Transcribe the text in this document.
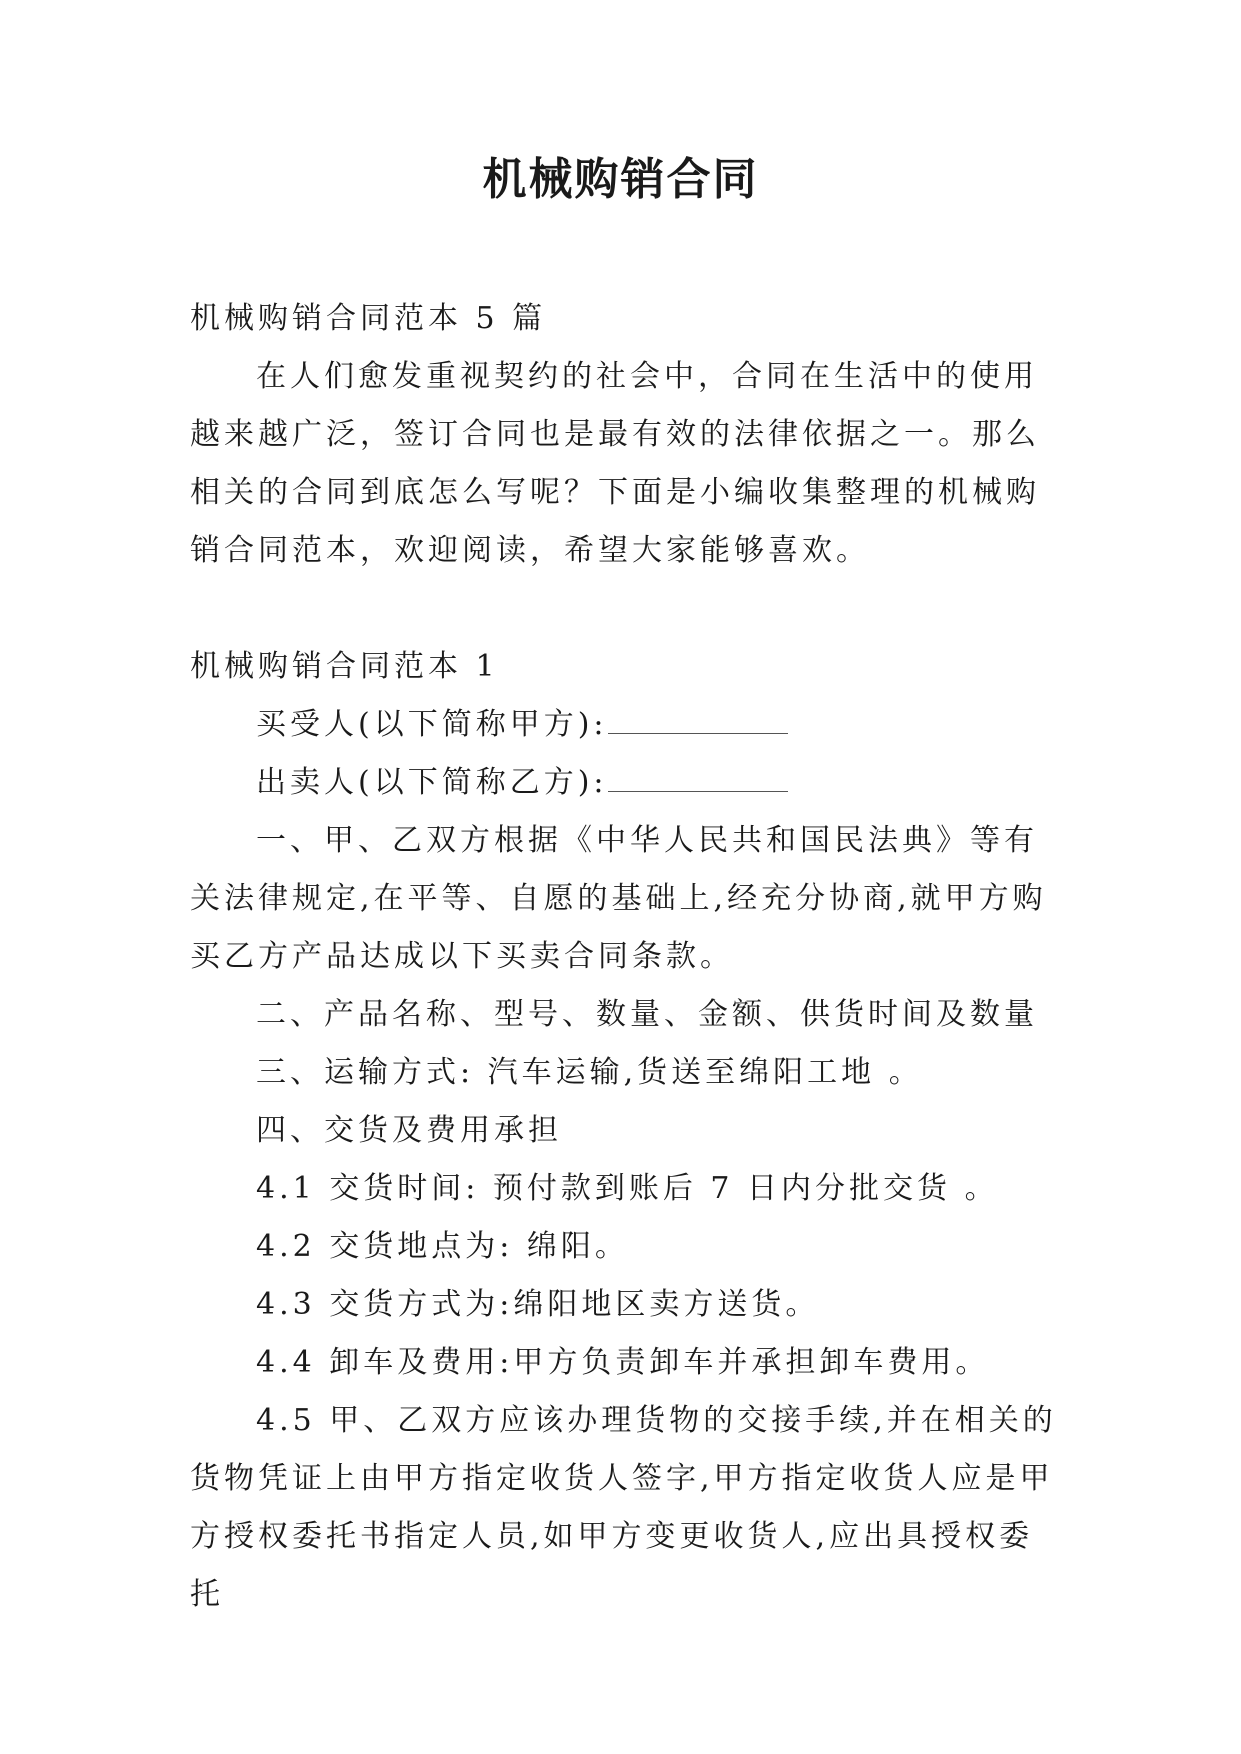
机械购销合同

机械购销合同范本 5 篇

在人们愈发重视契约的社会中，合同在生活中的使用越来越广泛，签订合同也是最有效的法律依据之一。那么相关的合同到底怎么写呢？下面是小编收集整理的机械购销合同范本，欢迎阅读，希望大家能够喜欢。

机械购销合同范本 1

买受人(以下简称甲方):

出卖人(以下简称乙方):

一、甲、乙双方根据《中华人民共和国民法典》等有关法律规定,在平等、自愿的基础上,经充分协商,就甲方购买乙方产品达成以下买卖合同条款。

二、产品名称、型号、数量、金额、供货时间及数量

三、运输方式: 汽车运输,货送至绵阳工地 。

四、交货及费用承担

4.1 交货时间: 预付款到账后 7 日内分批交货 。

4.2 交货地点为: 绵阳。

4.3 交货方式为:绵阳地区卖方送货。

4.4 卸车及费用:甲方负责卸车并承担卸车费用。

4.5 甲、乙双方应该办理货物的交接手续,并在相关的货物凭证上由甲方指定收货人签字,甲方指定收货人应是甲方授权委托书指定人员,如甲方变更收货人,应出具授权委托
